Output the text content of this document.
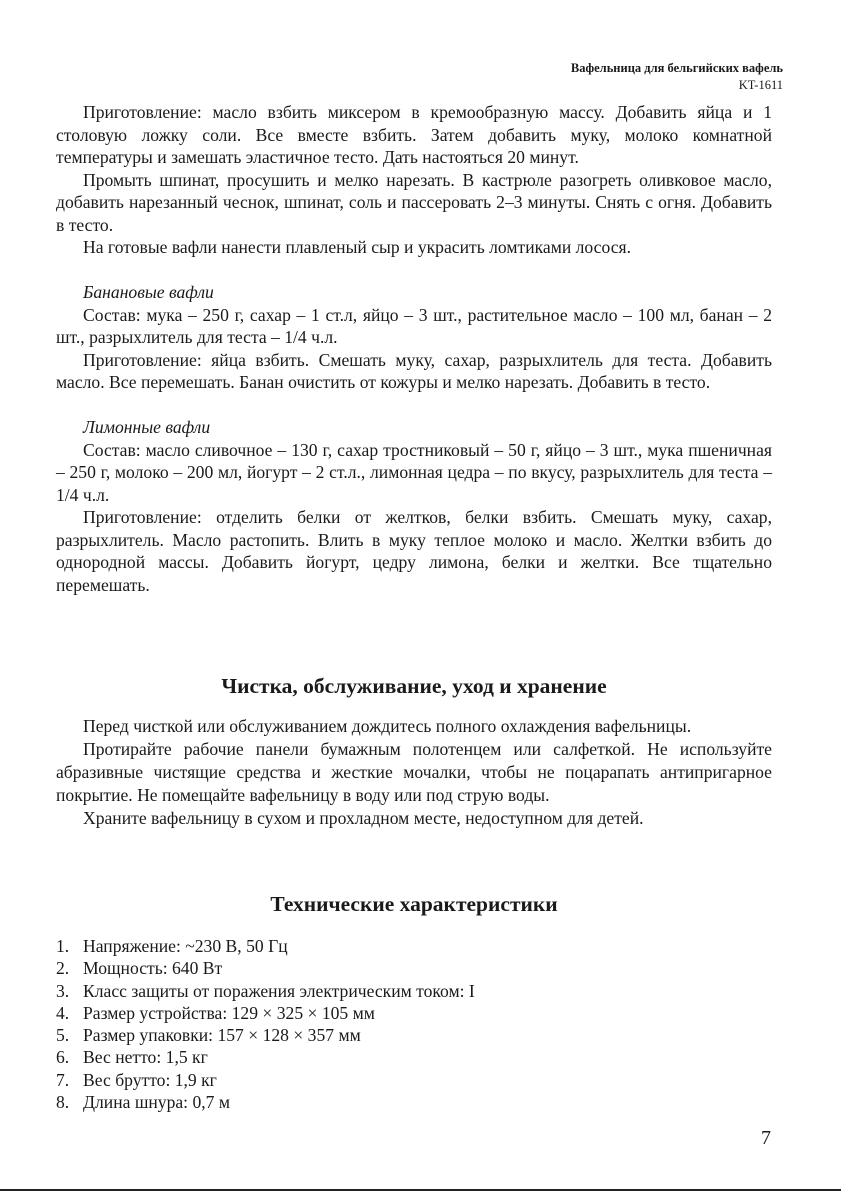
Вафельница для бельгийских вафель
KT-1611

Приготовление: масло взбить миксером в кремообразную массу. Добавить яйца и 1 столовую ложку соли. Все вместе взбить. Затем добавить муку, молоко комнатной температуры и замешать эластичное тесто. Дать настояться 20 минут.

Промыть шпинат, просушить и мелко нарезать. В кастрюле разогреть оливковое масло, добавить нарезанный чеснок, шпинат, соль и пассеровать 2–3 минуты. Снять с огня. Добавить в тесто.

На готовые вафли нанести плавленый сыр и украсить ломтиками лосося.

Банановые вафли

Состав: мука – 250 г, сахар – 1 ст.л, яйцо – 3 шт., растительное масло – 100 мл, банан – 2 шт., разрыхлитель для теста – 1/4 ч.л.

Приготовление: яйца взбить. Смешать муку, сахар, разрыхлитель для теста. Добавить масло. Все перемешать. Банан очистить от кожуры и мелко нарезать. Добавить в тесто.

Лимонные вафли

Состав: масло сливочное – 130 г, сахар тростниковый – 50 г, яйцо – 3 шт., мука пшеничная – 250 г, молоко – 200 мл, йогурт – 2 ст.л., лимонная цедра – по вкусу, разрыхлитель для теста – 1/4 ч.л.

Приготовление: отделить белки от желтков, белки взбить. Смешать муку, сахар, разрыхлитель. Масло растопить. Влить в муку теплое молоко и масло. Желтки взбить до однородной массы. Добавить йогурт, цедру лимона, белки и желтки. Все тщательно перемешать.

Чистка, обслуживание, уход и хранение

Перед чисткой или обслуживанием дождитесь полного охлаждения вафельницы.

Протирайте рабочие панели бумажным полотенцем или салфеткой. Не используйте абразивные чистящие средства и жесткие мочалки, чтобы не поцарапать антипригарное покрытие. Не помещайте вафельницу в воду или под струю воды.

Храните вафельницу в сухом и прохладном месте, недоступном для детей.

Технические характеристики
1. Напряжение: ~230 В, 50 Гц
2. Мощность: 640 Вт
3. Класс защиты от поражения электрическим током: I
4. Размер устройства: 129 × 325 × 105 мм
5. Размер упаковки: 157 × 128 × 357 мм
6. Вес нетто: 1,5 кг
7. Вес брутто: 1,9 кг
8. Длина шнура: 0,7 м
7
